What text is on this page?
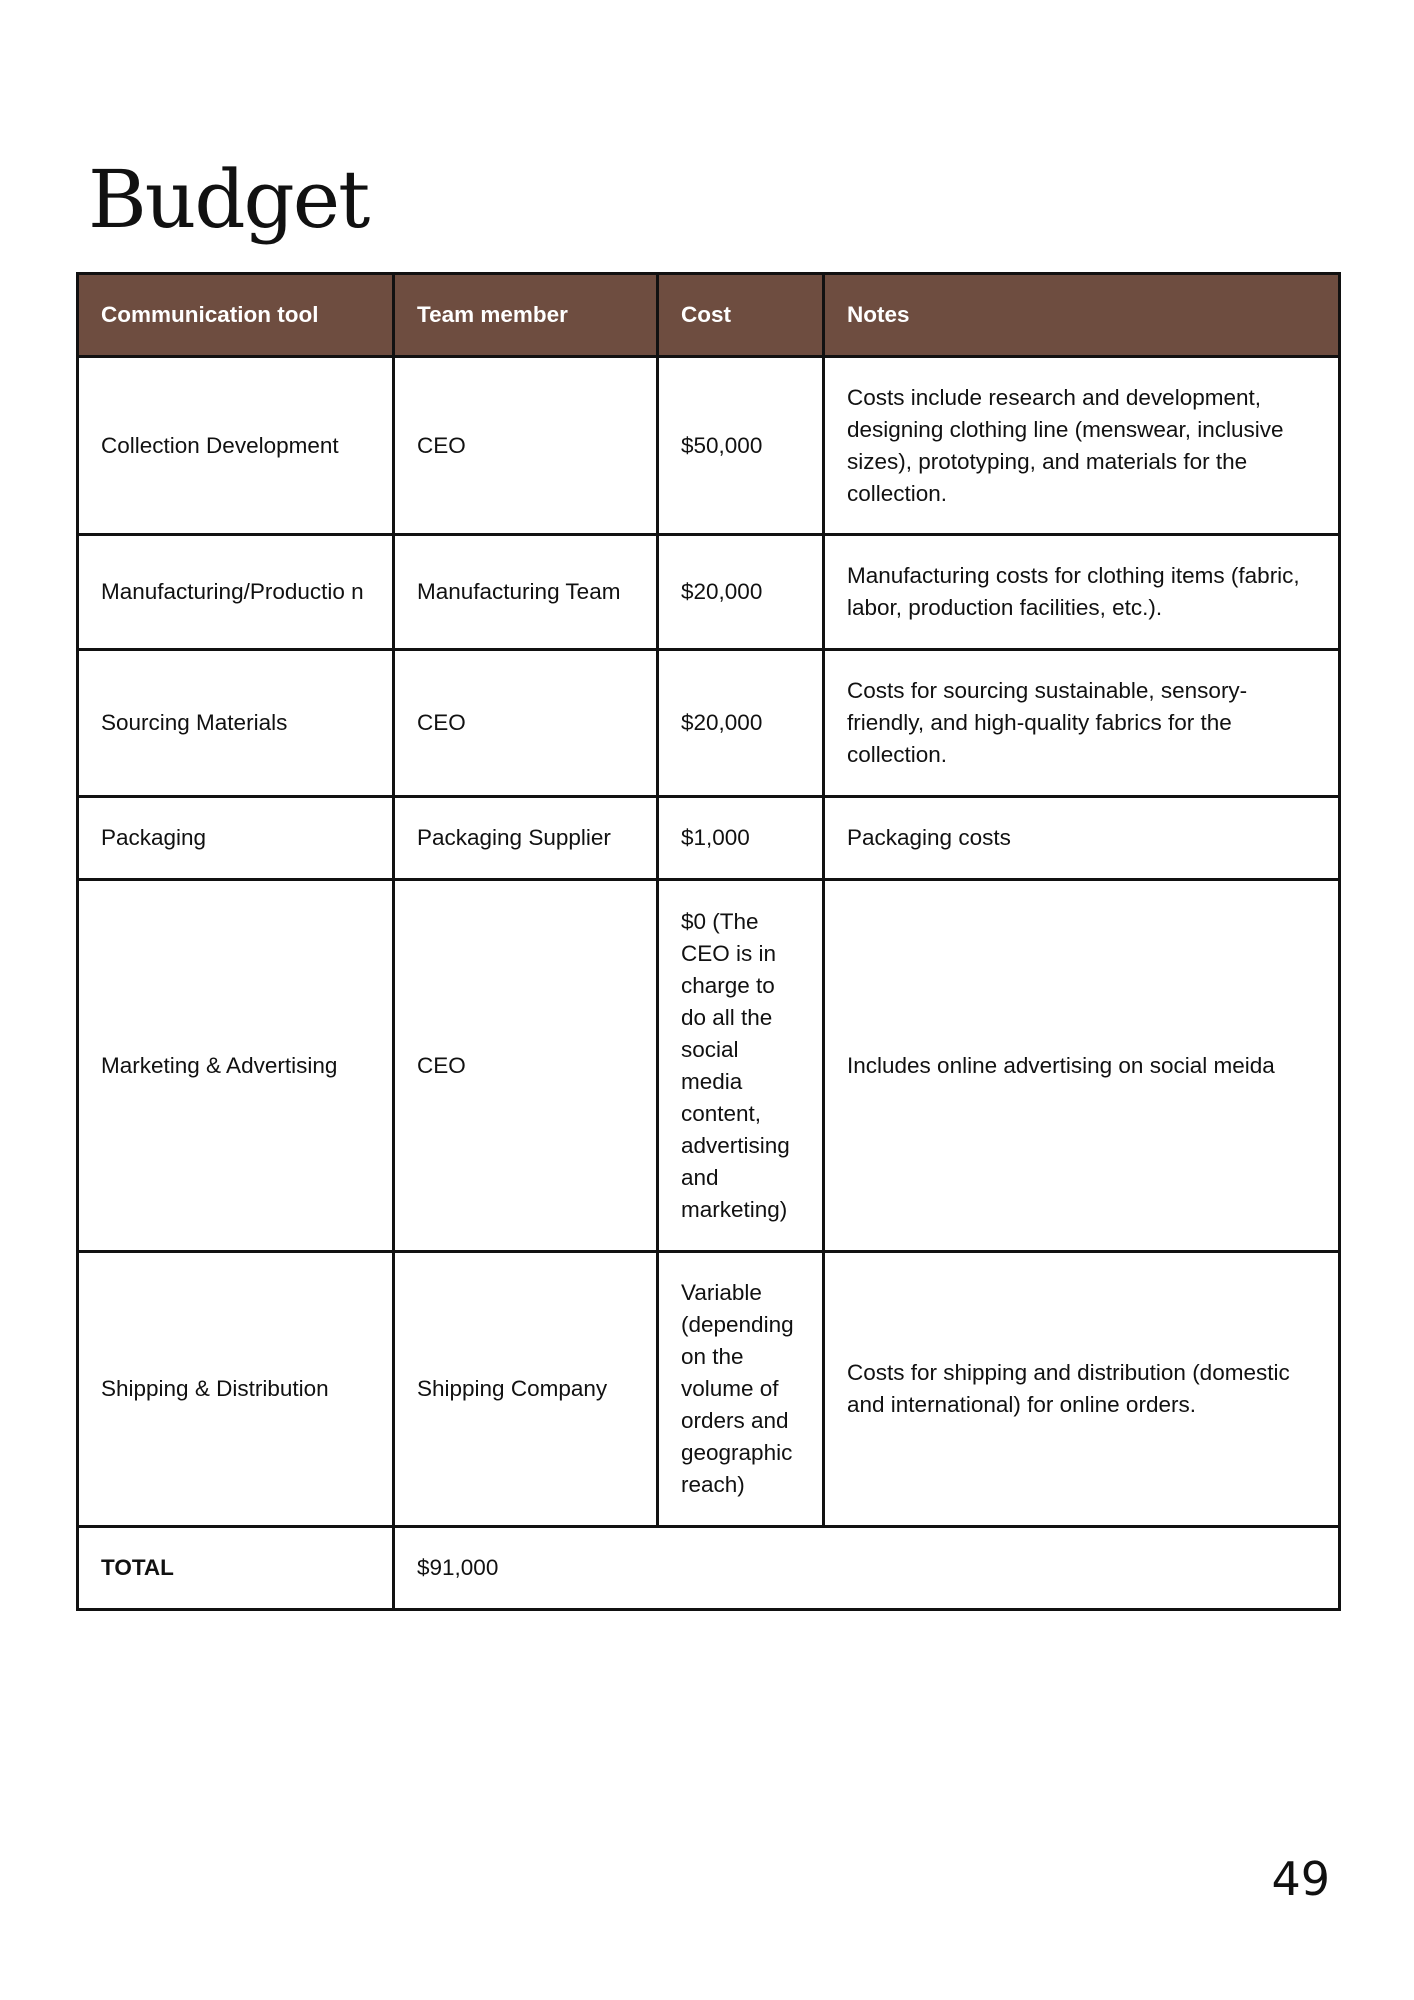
Budget
Communication tool	Team member	Cost	Notes
Collection Development	CEO	$50,000	Costs include research and development, designing clothing line (menswear, inclusive sizes), prototyping, and materials for the collection.
Manufacturing/Productio n	Manufacturing Team	$20,000	Manufacturing costs for clothing items (fabric, labor, production facilities, etc.).
Sourcing Materials	CEO	$20,000	Costs for sourcing sustainable, sensory-friendly, and high-quality fabrics for the collection.
Packaging	Packaging Supplier	$1,000	Packaging costs
Marketing & Advertising	CEO	$0 (The CEO is in charge to do all the social media content, advertising and marketing)	Includes online advertising on social meida
Shipping & Distribution	Shipping Company	Variable (depending on the volume of orders and geographic reach)	Costs for shipping and distribution (domestic and international) for online orders.
TOTAL	$91,000		
49
